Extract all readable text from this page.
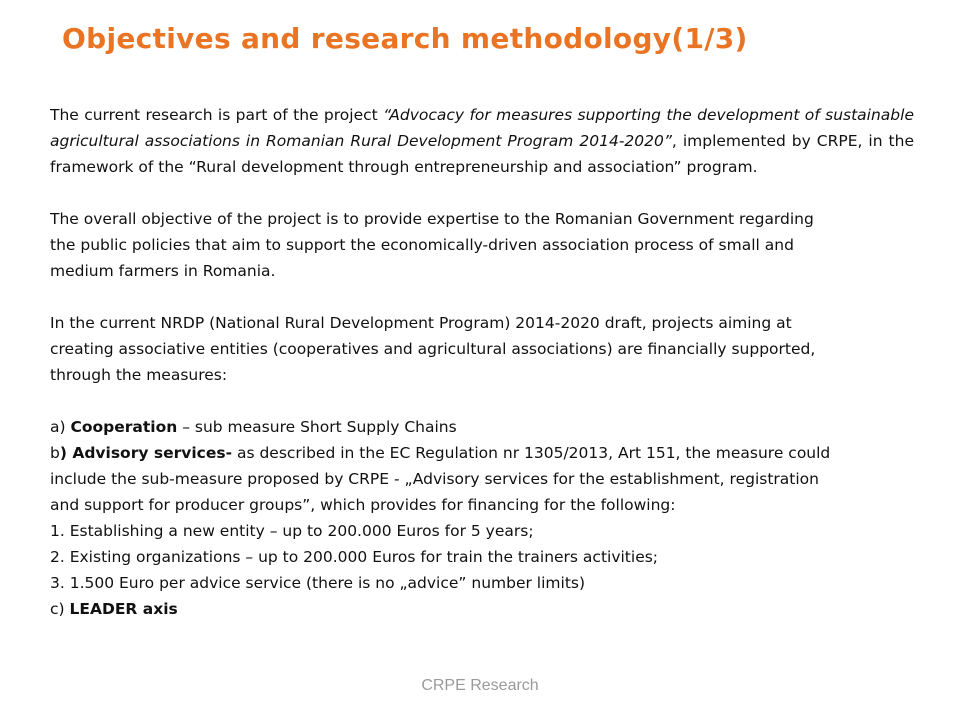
Objectives and research methodology(1/3)

The current research is part of the project “Advocacy for measures supporting the development of sustainable agricultural associations in Romanian Rural Development Program 2014-2020”, implemented by CRPE, in the framework of the “Rural development through entrepreneurship and association” program.

The overall objective of the project is to provide expertise to the Romanian Government regarding
the public policies that aim to support the economically-driven association process of small and
medium farmers in Romania.
In the current NRDP (National Rural Development Program) 2014-2020 draft, projects aiming at
creating associative entities (cooperatives and agricultural associations) are financially supported,
through the measures:
a) Cooperation – sub measure Short Supply Chains
b) Advisory services- as described in the EC Regulation nr 1305/2013, Art 151, the measure could
include the sub-measure proposed by CRPE - „Advisory services for the establishment, registration
and support for producer groups”, which provides for financing for the following:
1. Establishing a new entity – up to 200.000 Euros for 5 years;
2. Existing organizations – up to 200.000 Euros for train the trainers activities;
3. 1.500 Euro per advice service (there is no „advice” number limits)
c) LEADER axis
CRPE Research
